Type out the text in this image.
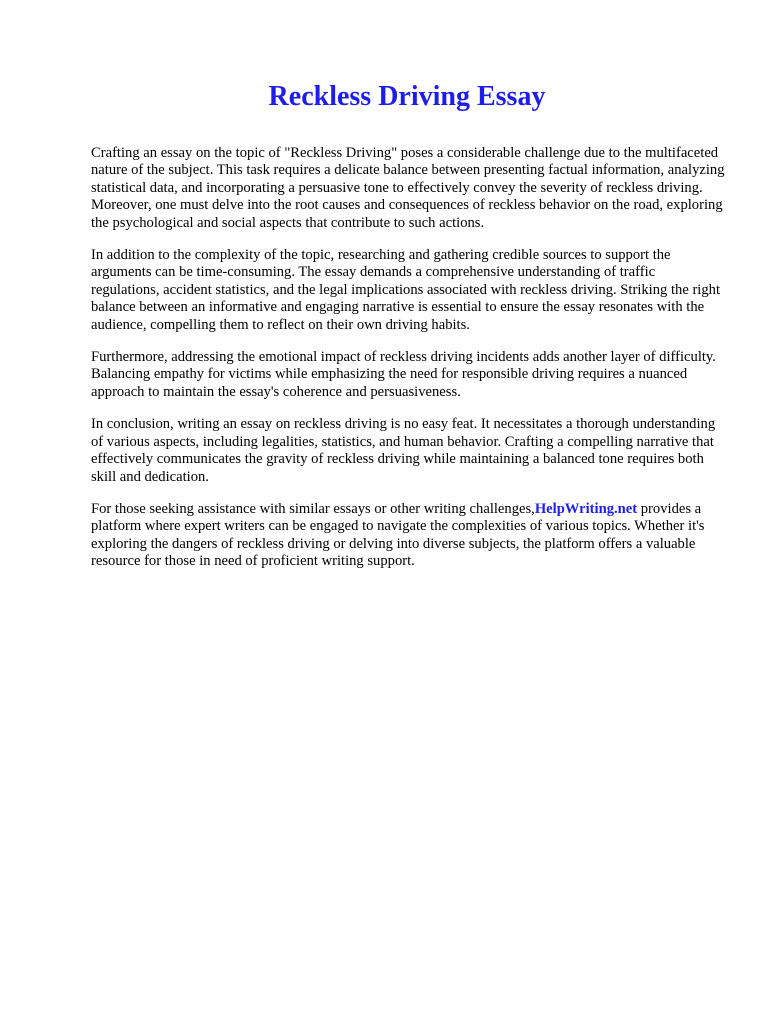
Reckless Driving Essay

Crafting an essay on the topic of "Reckless Driving" poses a considerable challenge due to the multifaceted nature of the subject. This task requires a delicate balance between presenting factual information, analyzing statistical data, and incorporating a persuasive tone to effectively convey the severity of reckless driving. Moreover, one must delve into the root causes and consequences of reckless behavior on the road, exploring the psychological and social aspects that contribute to such actions.

In addition to the complexity of the topic, researching and gathering credible sources to support the arguments can be time-consuming. The essay demands a comprehensive understanding of traffic regulations, accident statistics, and the legal implications associated with reckless driving. Striking the right balance between an informative and engaging narrative is essential to ensure the essay resonates with the audience, compelling them to reflect on their own driving habits.

Furthermore, addressing the emotional impact of reckless driving incidents adds another layer of difficulty. Balancing empathy for victims while emphasizing the need for responsible driving requires a nuanced approach to maintain the essay's coherence and persuasiveness.

In conclusion, writing an essay on reckless driving is no easy feat. It necessitates a thorough understanding of various aspects, including legalities, statistics, and human behavior. Crafting a compelling narrative that effectively communicates the gravity of reckless driving while maintaining a balanced tone requires both skill and dedication.

For those seeking assistance with similar essays or other writing challenges,HelpWriting.net provides a platform where expert writers can be engaged to navigate the complexities of various topics. Whether it's exploring the dangers of reckless driving or delving into diverse subjects, the platform offers a valuable resource for those in need of proficient writing support.
